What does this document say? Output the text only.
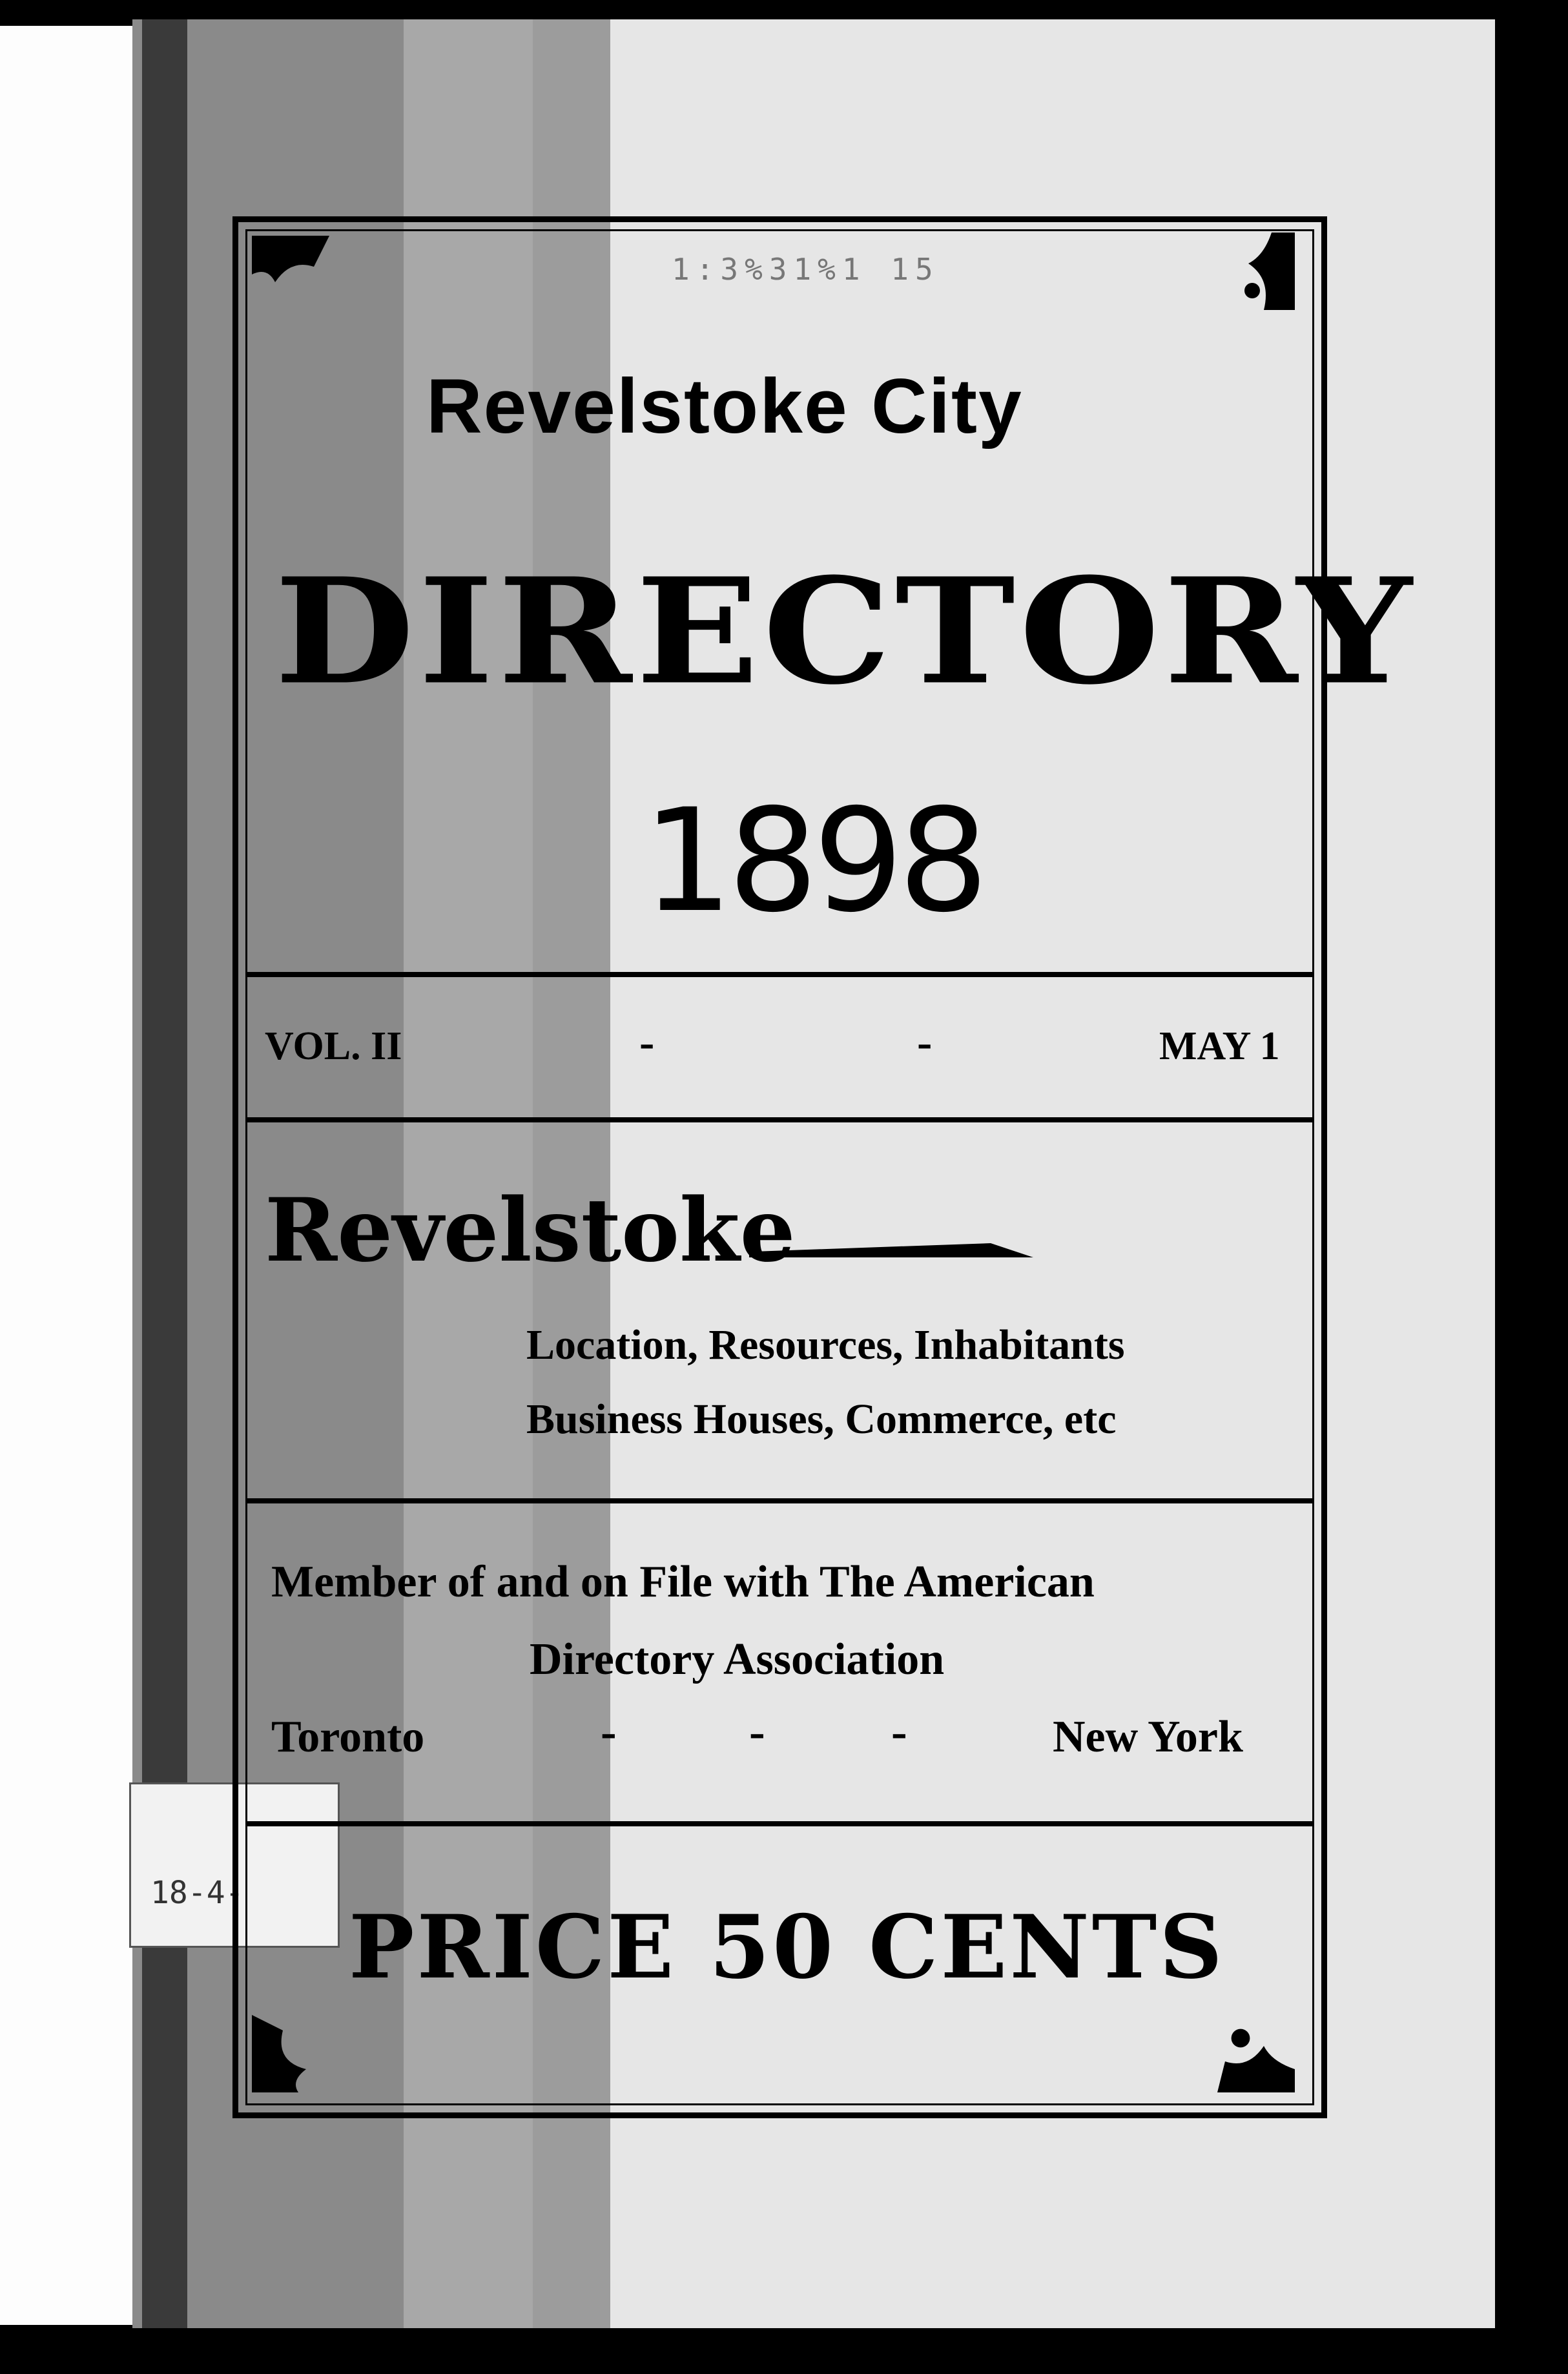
18-4-
1:3%31%1 15
Revelstoke City
DIRECTORY
1898
VOL. II	-	-	MAY 1
Revelstoke
Location, Resources, Inhabitants
Business Houses, Commerce, etc
Member of and on File with The American
Directory Association
Toronto	-	-	-	New York
PRICE 50 CENTS
